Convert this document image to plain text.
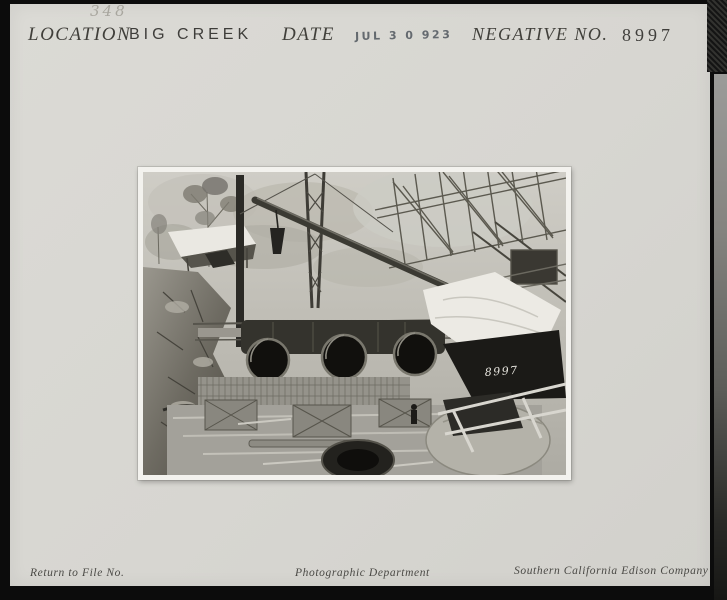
348
LOCATION
BIG CREEK DATE JUL 3 0 923 NEGATIVE NO. 8997
8997
Return to File No.	Photographic Department	Southern California Edison Company
